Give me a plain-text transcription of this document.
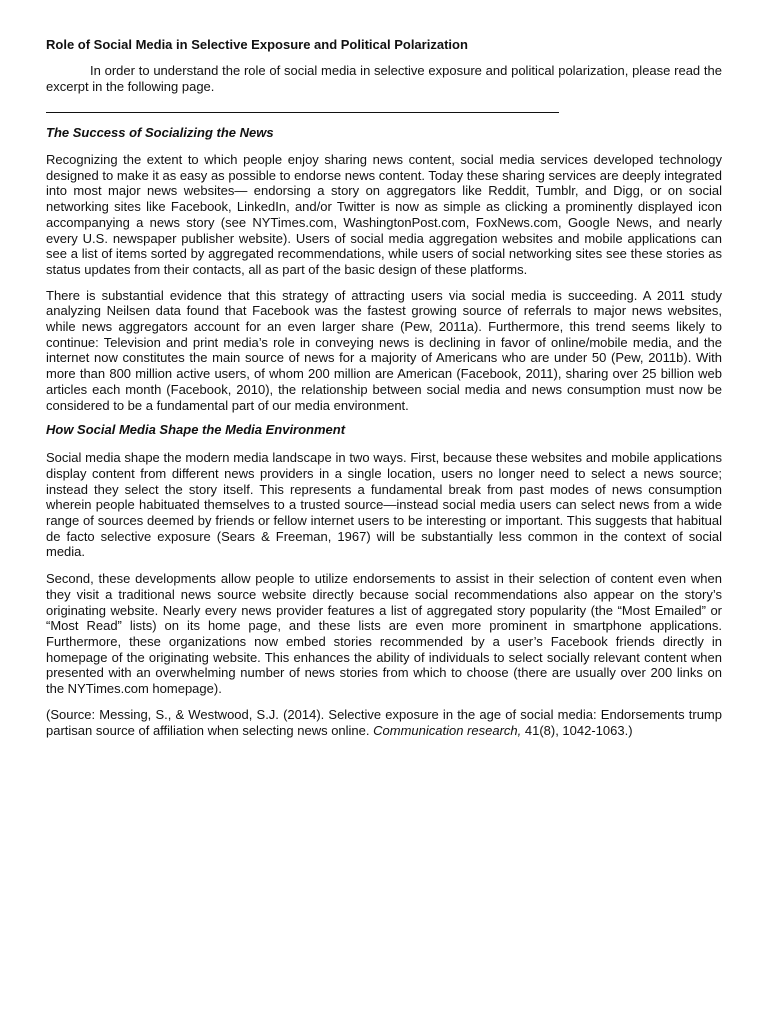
Role of Social Media in Selective Exposure and Political Polarization

In order to understand the role of social media in selective exposure and political polarization, please read the excerpt in the following page.

The Success of Socializing the News

Recognizing the extent to which people enjoy sharing news content, social media services developed technology designed to make it as easy as possible to endorse news content. Today these sharing services are deeply integrated into most major news websites— endorsing a story on aggregators like Reddit, Tumblr, and Digg, or on social networking sites like Facebook, LinkedIn, and/or Twitter is now as simple as clicking a prominently displayed icon accompanying a news story (see NYTimes.com, WashingtonPost.com, FoxNews.com, Google News, and nearly every U.S. newspaper publisher website). Users of social media aggregation websites and mobile applications can see a list of items sorted by aggregated recommendations, while users of social networking sites see these stories as status updates from their contacts, all as part of the basic design of these platforms.

There is substantial evidence that this strategy of attracting users via social media is succeeding. A 2011 study analyzing Neilsen data found that Facebook was the fastest growing source of referrals to major news websites, while news aggregators account for an even larger share (Pew, 2011a). Furthermore, this trend seems likely to continue: Television and print media’s role in conveying news is declining in favor of online/mobile media, and the internet now constitutes the main source of news for a majority of Americans who are under 50 (Pew, 2011b). With more than 800 million active users, of whom 200 million are American (Facebook, 2011), sharing over 25 billion web articles each month (Facebook, 2010), the relationship between social media and news consumption must now be considered to be a fundamental part of our media environment.

How Social Media Shape the Media Environment

Social media shape the modern media landscape in two ways. First, because these websites and mobile applications display content from different news providers in a single location, users no longer need to select a news source; instead they select the story itself. This represents a fundamental break from past modes of news consumption wherein people habituated themselves to a trusted source—instead social media users can select news from a wide range of sources deemed by friends or fellow internet users to be interesting or important. This suggests that habitual de facto selective exposure (Sears & Freeman, 1967) will be substantially less common in the context of social media.

Second, these developments allow people to utilize endorsements to assist in their selection of content even when they visit a traditional news source website directly because social recommendations also appear on the story’s originating website. Nearly every news provider features a list of aggregated story popularity (the “Most Emailed” or “Most Read” lists) on its home page, and these lists are even more prominent in smartphone applications. Furthermore, these organizations now embed stories recommended by a user’s Facebook friends directly in homepage of the originating website. This enhances the ability of individuals to select socially relevant content when presented with an overwhelming number of news stories from which to choose (there are usually over 200 links on the NYTimes.com homepage).

(Source: Messing, S., & Westwood, S.J. (2014). Selective exposure in the age of social media: Endorsements trump partisan source of affiliation when selecting news online. Communication research, 41(8), 1042-1063.)
